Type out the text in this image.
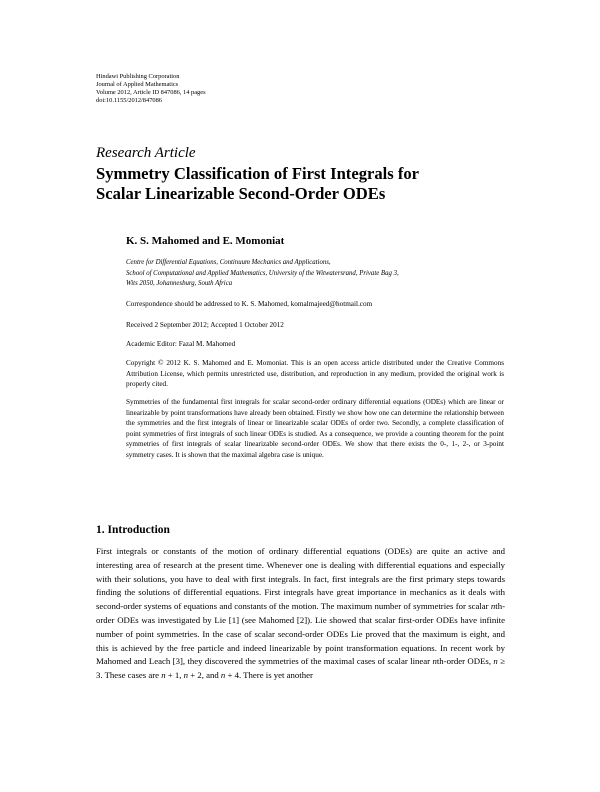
Hindawi Publishing Corporation
Journal of Applied Mathematics
Volume 2012, Article ID 847086, 14 pages
doi:10.1155/2012/847086
Research Article
Symmetry Classification of First Integrals for
Scalar Linearizable Second-Order ODEs
K. S. Mahomed and E. Momoniat
Centre for Differential Equations, Continuum Mechanics and Applications,
School of Computational and Applied Mathematics, University of the Witwatersrand, Private Bag 3,
Wits 2050, Johannesburg, South Africa
Correspondence should be addressed to K. S. Mahomed, komalmajeed@hotmail.com
Received 2 September 2012; Accepted 1 October 2012
Academic Editor: Fazal M. Mahomed
Copyright © 2012 K. S. Mahomed and E. Momoniat. This is an open access article distributed under the Creative Commons Attribution License, which permits unrestricted use, distribution, and reproduction in any medium, provided the original work is properly cited.
Symmetries of the fundamental first integrals for scalar second-order ordinary differential equations (ODEs) which are linear or linearizable by point transformations have already been obtained. Firstly we show how one can determine the relationship between the symmetries and the first integrals of linear or linearizable scalar ODEs of order two. Secondly, a complete classification of point symmetries of first integrals of such linear ODEs is studied. As a consequence, we provide a counting theorem for the point symmetries of first integrals of scalar linearizable second-order ODEs. We show that there exists the 0-, 1-, 2-, or 3-point symmetry cases. It is shown that the maximal algebra case is unique.
1. Introduction
First integrals or constants of the motion of ordinary differential equations (ODEs) are quite an active and interesting area of research at the present time. Whenever one is dealing with differential equations and especially with their solutions, you have to deal with first integrals. In fact, first integrals are the first primary steps towards finding the solutions of differential equations. First integrals have great importance in mechanics as it deals with second-order systems of equations and constants of the motion. The maximum number of symmetries for scalar nth-order ODEs was investigated by Lie [1] (see Mahomed [2]). Lie showed that scalar first-order ODEs have infinite number of point symmetries. In the case of scalar second-order ODEs Lie proved that the maximum is eight, and this is achieved by the free particle and indeed linearizable by point transformation equations. In recent work by Mahomed and Leach [3], they discovered the symmetries of the maximal cases of scalar linear nth-order ODEs, n ≥ 3. These cases are n + 1, n + 2, and n + 4. There is yet another
